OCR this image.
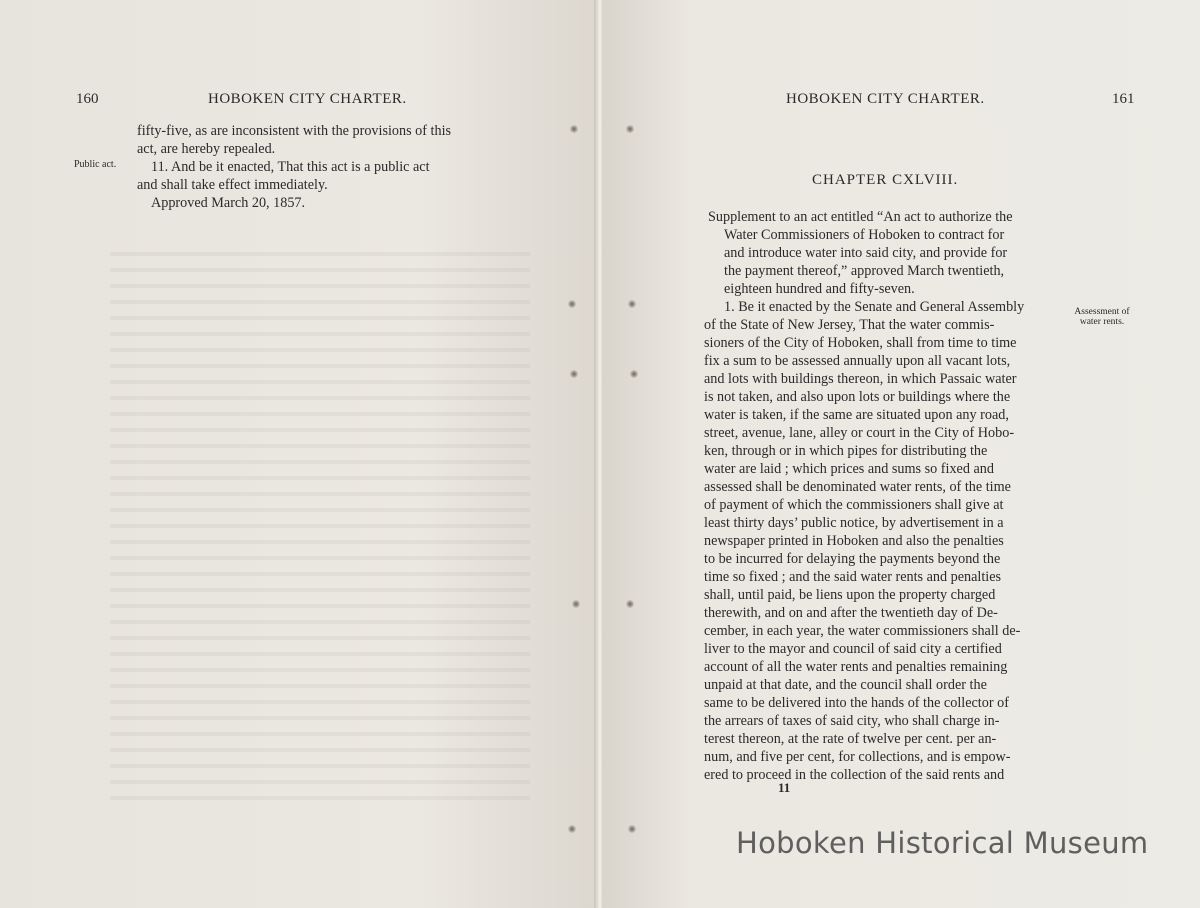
160	HOBOKEN CITY CHARTER.
Public act.

fifty-five, as are inconsistent with the provisions of this

act, are hereby repealed.

11. And be it enacted, That this act is a public act

and shall take effect immediately.

Approved March 20, 1857.

HOBOKEN CITY CHARTER.	161
CHAPTER CXLVIII.

Supplement to an act entitled “An act to authorize the

Water Commissioners of Hoboken to contract for

and introduce water into said city, and provide for

the payment thereof,” approved March twentieth,

eighteen hundred and fifty-seven.

Assessment of water rents.

1. Be it enacted by the Senate and General Assembly

of the State of New Jersey, That the water commis-

sioners of the City of Hoboken, shall from time to time

fix a sum to be assessed annually upon all vacant lots,

and lots with buildings thereon, in which Passaic water

is not taken, and also upon lots or buildings where the

water is taken, if the same are situated upon any road,

street, avenue, lane, alley or court in the City of Hobo-

ken, through or in which pipes for distributing the

water are laid ; which prices and sums so fixed and

assessed shall be denominated water rents, of the time

of payment of which the commissioners shall give at

least thirty days’ public notice, by advertisement in a

newspaper printed in Hoboken and also the penalties

to be incurred for delaying the payments beyond the

time so fixed ; and the said water rents and penalties

shall, until paid, be liens upon the property charged

therewith, and on and after the twentieth day of De-

cember, in each year, the water commissioners shall de-

liver to the mayor and council of said city a certified

account of all the water rents and penalties remaining

unpaid at that date, and the council shall order the

same to be delivered into the hands of the collector of

the arrears of taxes of said city, who shall charge in-

terest thereon, at the rate of twelve per cent. per an-

num, and five per cent, for collections, and is empow-

ered to proceed in the collection of the said rents and

11
Hoboken Historical Museum
